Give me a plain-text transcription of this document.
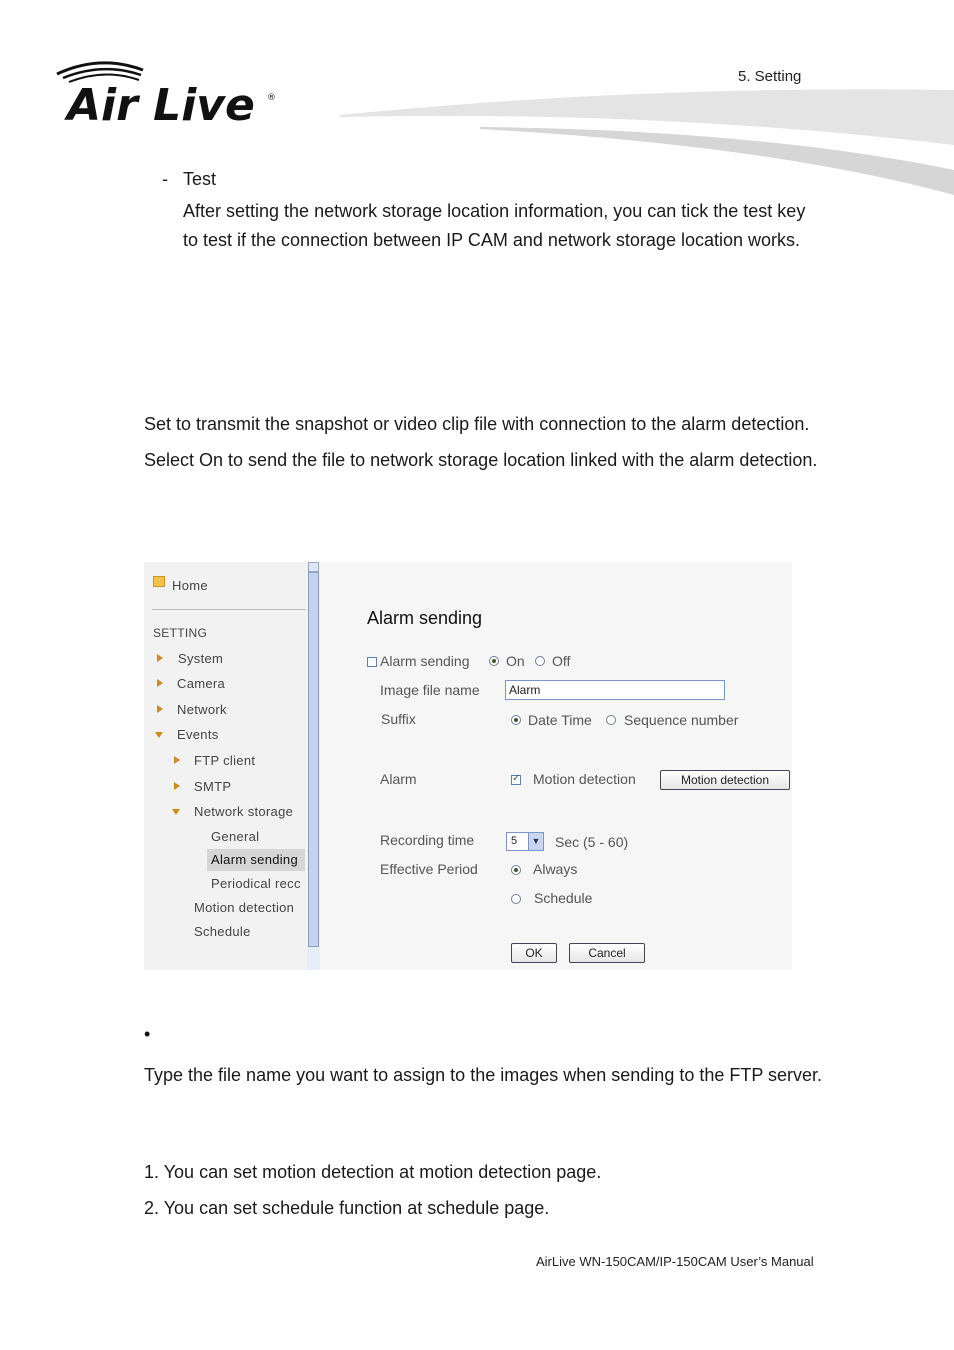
Air Live ®
5. Setting
- Test
After setting the network storage location information, you can tick the test key to test if the connection between IP CAM and network storage location works.
Set to transmit the snapshot or video clip file with connection to the alarm detection. Select On to send the file to network storage location linked with the alarm detection.
Home
SETTING
System
Camera
Network
Events
FTP client
SMTP
Network storage
General
Alarm sending
Periodical recc
Motion detection
Schedule
Alarm sending
Alarm sending	On Off
Image file name	Alarm
Suffix	Date Time Sequence number
Alarm
✓	Motion detection	Motion detection
Recording time	5	▼ Sec (5 - 60)
Effective Period	Always
Schedule
OK	Cancel
•
Type the file name you want to assign to the images when sending to the FTP server.
1. You can set motion detection at motion detection page.
2. You can set schedule function at schedule page.
AirLive WN-150CAM/IP-150CAM User’s Manual
